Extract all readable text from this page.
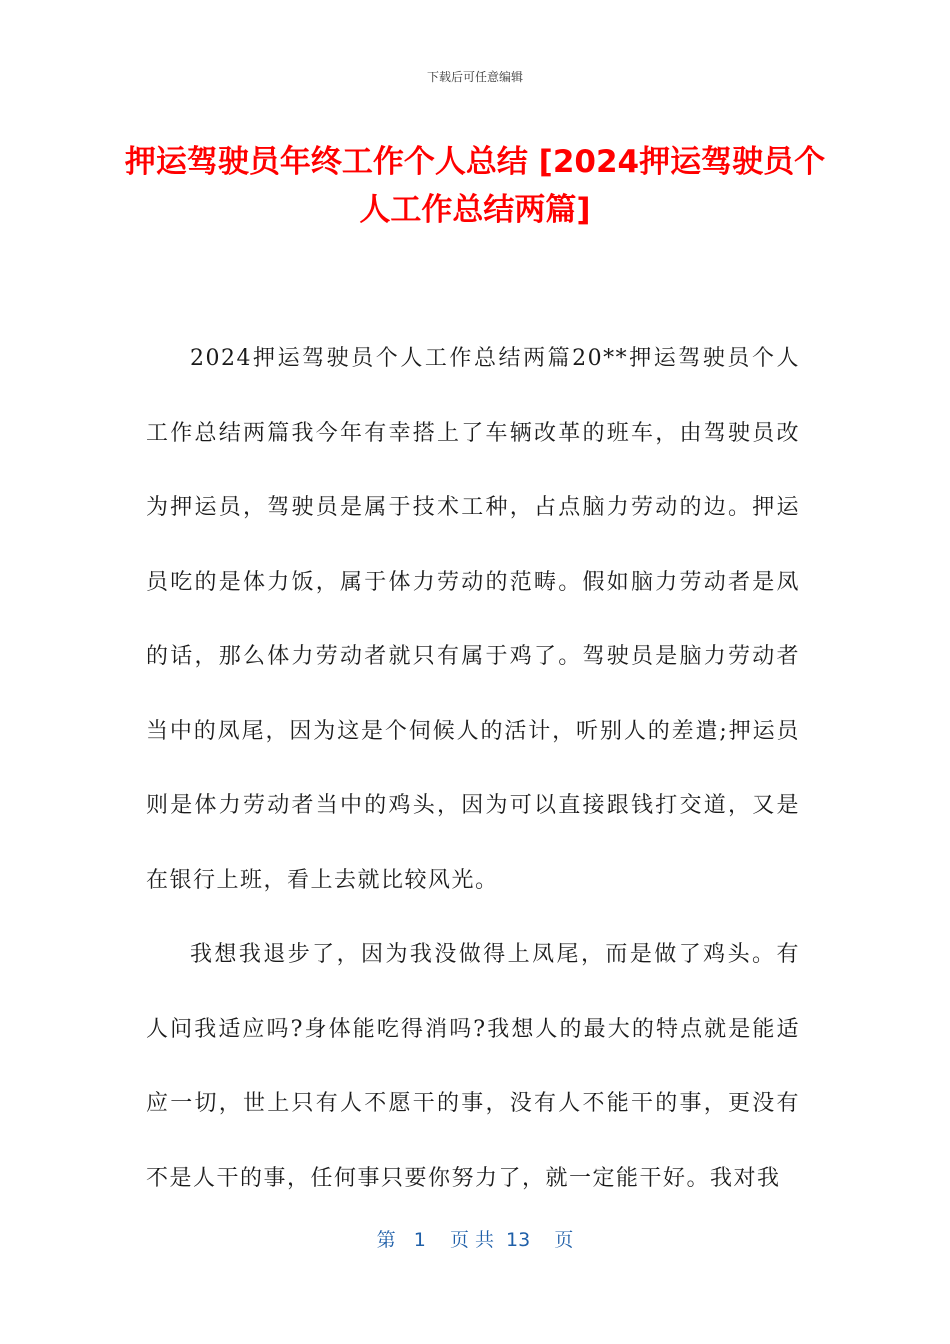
下载后可任意编辑
押运驾驶员年终工作个人总结 [2024押运驾驶员个人工作总结两篇]

2024押运驾驶员个人工作总结两篇20**押运驾驶员个人工作总结两篇我今年有幸搭上了车辆改革的班车，由驾驶员改为押运员，驾驶员是属于技术工种，占点脑力劳动的边。押运员吃的是体力饭，属于体力劳动的范畴。假如脑力劳动者是凤的话，那么体力劳动者就只有属于鸡了。驾驶员是脑力劳动者当中的凤尾，因为这是个伺候人的活计，听别人的差遣;押运员则是体力劳动者当中的鸡头，因为可以直接跟钱打交道，又是在银行上班，看上去就比较风光。

我想我退步了，因为我没做得上凤尾，而是做了鸡头。有人问我适应吗?身体能吃得消吗?我想人的最大的特点就是能适应一切，世上只有人不愿干的事，没有人不能干的事，更没有不是人干的事，任何事只要你努力了，就一定能干好。我对我

第   1    页 共  13    页
